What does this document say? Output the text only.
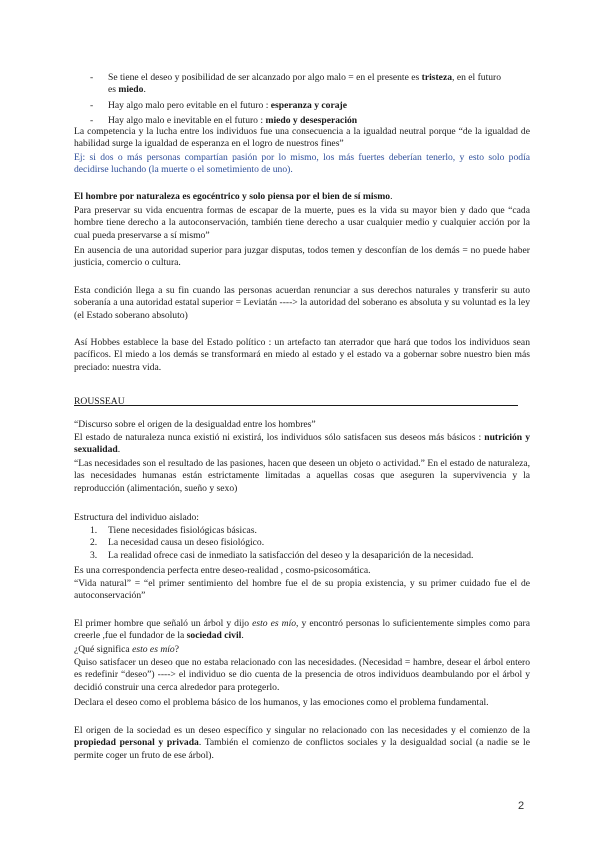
- Se tiene el deseo y posibilidad de ser alcanzado por algo malo = en el presente es tristeza, en el futuro
es miedo.
- Hay algo malo pero evitable en el futuro : esperanza y coraje
- Hay algo malo e inevitable en el futuro : miedo y desesperación

La competencia y la lucha entre los individuos fue una consecuencia a la igualdad neutral porque “de la igualdad de habilidad surge la igualdad de esperanza en el logro de nuestros fines”

Ej: si dos o más personas compartían pasión por lo mismo, los más fuertes deberían tenerlo, y esto solo podía decidirse luchando (la muerte o el sometimiento de uno).

El hombre por naturaleza es egocéntrico y solo piensa por el bien de sí mismo.

Para preservar su vida encuentra formas de escapar de la muerte, pues es la vida su mayor bien y dado que “cada hombre tiene derecho a la autoconservación, también tiene derecho a usar cualquier medio y cualquier acción por la cual pueda preservarse a sí mismo”

En ausencia de una autoridad superior para juzgar disputas, todos temen y desconfían de los demás = no puede haber justicia, comercio o cultura.

Esta condición llega a su fin cuando las personas acuerdan renunciar a sus derechos naturales y transferir su auto soberanía a una autoridad estatal superior = Leviatán ----> la autoridad del soberano es absoluta y su voluntad es la ley (el Estado soberano absoluto)

Así Hobbes establece la base del Estado político : un artefacto tan aterrador que hará que todos los individuos sean pacíficos. El miedo a los demás se transformará en miedo al estado y el estado va a gobernar sobre nuestro bien más preciado: nuestra vida.

ROUSSEAU

“Discurso sobre el origen de la desigualdad entre los hombres”

El estado de naturaleza nunca existió ni existirá, los individuos sólo satisfacen sus deseos más básicos : nutrición y sexualidad.

“Las necesidades son el resultado de las pasiones, hacen que deseen un objeto o actividad.” En el estado de naturaleza, las necesidades humanas están estrictamente limitadas a aquellas cosas que aseguren la supervivencia y la reproducción (alimentación, sueño y sexo)

Estructura del individuo aislado:

1. Tiene necesidades fisiológicas básicas.
2. La necesidad causa un deseo fisiológico.
3. La realidad ofrece casi de inmediato la satisfacción del deseo y la desaparición de la necesidad.

Es una correspondencia perfecta entre deseo-realidad , cosmo-psicosomática.

“Vida natural” = “el primer sentimiento del hombre fue el de su propia existencia, y su primer cuidado fue el de autoconservación”

El primer hombre que señaló un árbol y dijo esto es mío, y encontró personas lo suficientemente simples como para creerle ,fue el fundador de la sociedad civil.

¿Qué significa esto es mío?

Quiso satisfacer un deseo que no estaba relacionado con las necesidades. (Necesidad = hambre, desear el árbol entero es redefinir “deseo”) ----> el individuo se dio cuenta de la presencia de otros individuos deambulando por el árbol y decidió construir una cerca alrededor para protegerlo.

Declara el deseo como el problema básico de los humanos, y las emociones como el problema fundamental.

El origen de la sociedad es un deseo específico y singular no relacionado con las necesidades y el comienzo de la propiedad personal y privada. También el comienzo de conflictos sociales y la desigualdad social (a nadie se le permite coger un fruto de ese árbol).

2
